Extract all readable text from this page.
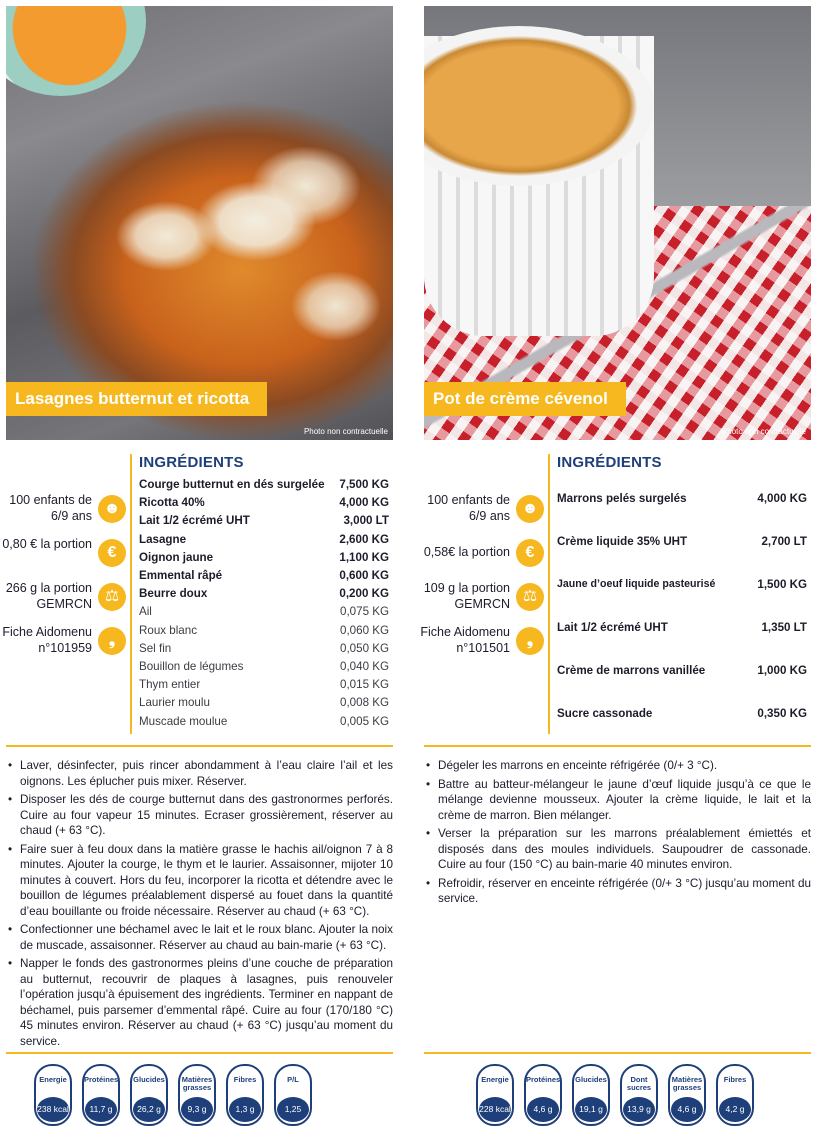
Lasagnes butternut et ricotta
Photo non contractuelle
INGRÉDIENTS
100 enfants de 6/9 ans ☻
0,80 € la portion €
266 g la portion GEMRCN ⚖
Fiche Aidomenu n°101959	❟
Courge butternut en dés surgelée 7,500 KG
Ricotta 40%	4,000 KG
Lait 1/2 écrémé UHT	3,000 LT
Lasagne	2,600 KG
Oignon jaune	1,100 KG
Emmental râpé	0,600 KG
Beurre doux	0,200 KG
Ail	0,075 KG
Roux blanc	0,060 KG
Sel fin	0,050 KG
Bouillon de légumes	0,040 KG
Thym entier	0,015 KG
Laurier moulu	0,008 KG
Muscade moulue	0,005 KG
• Laver, désinfecter, puis rincer abondamment à l’eau claire l’ail et les oignons. Les éplucher puis mixer. Réserver.
• Disposer les dés de courge butternut dans des gastronormes perforés. Cuire au four vapeur 15 minutes. Ecraser grossièrement, réserver au chaud (+ 63 °C).
• Faire suer à feu doux dans la matière grasse le hachis ail/oignon 7 à 8 minutes. Ajouter la courge, le thym et le laurier. Assaisonner, mijoter 10 minutes à couvert. Hors du feu, incorporer la ricotta et détendre avec le bouillon de légumes préalablement dispersé au fouet dans la quantité d’eau bouillante ou froide nécessaire. Réserver au chaud (+ 63 °C).
• Confectionner une béchamel avec le lait et le roux blanc. Ajouter la noix de muscade, assaisonner. Réserver au chaud au bain-marie (+ 63 °C).
• Napper le fonds des gastronormes pleins d’une couche de préparation au butternut, recouvrir de plaques à lasagnes, puis renouveler l’opération jusqu’à épuisement des ingrédients. Terminer en nappant de béchamel, puis parsemer d’emmental râpé. Cuire au four (170/180 °C) 45 minutes environ. Réserver au chaud (+ 63 °C) jusqu’au moment du service.
Energie
238 kcal
Protéines
11,7 g
Glucides
26,2 g
Matières grasses
9,3 g
Fibres
1,3 g
P/L
1,25
Pot de crème cévenol
Photo non contractuelle
INGRÉDIENTS
100 enfants de 6/9 ans ☻
0,58€ la portion €
109 g la portion GEMRCN ⚖
Fiche Aidomenu n°101501	❟
Marrons pelés surgelés	4,000 KG
Crème liquide 35% UHT	2,700 LT
Jaune d’oeuf liquide pasteurisé	1,500 KG
Lait 1/2 écrémé UHT	1,350 LT
Crème de marrons vanillée	1,000 KG
Sucre cassonade	0,350 KG
• Dégeler les marrons en enceinte réfrigérée (0/+ 3 °C).
• Battre au batteur-mélangeur le jaune d’œuf liquide jusqu’à ce que le mélange devienne mousseux. Ajouter la crème liquide, le lait et la crème de marron. Bien mélanger.
• Verser la préparation sur les marrons préalablement émiettés et disposés dans des moules individuels. Saupoudrer de cassonade. Cuire au four (150 °C) au bain-marie 40 minutes environ.
• Refroidir, réserver en enceinte réfrigérée (0/+ 3 °C) jusqu’au moment du service.
Energie
228 kcal
Protéines
4,6 g
Glucides
19,1 g
Dont sucres
13,9 g
Matières grasses
4,6 g
Fibres
4,2 g
